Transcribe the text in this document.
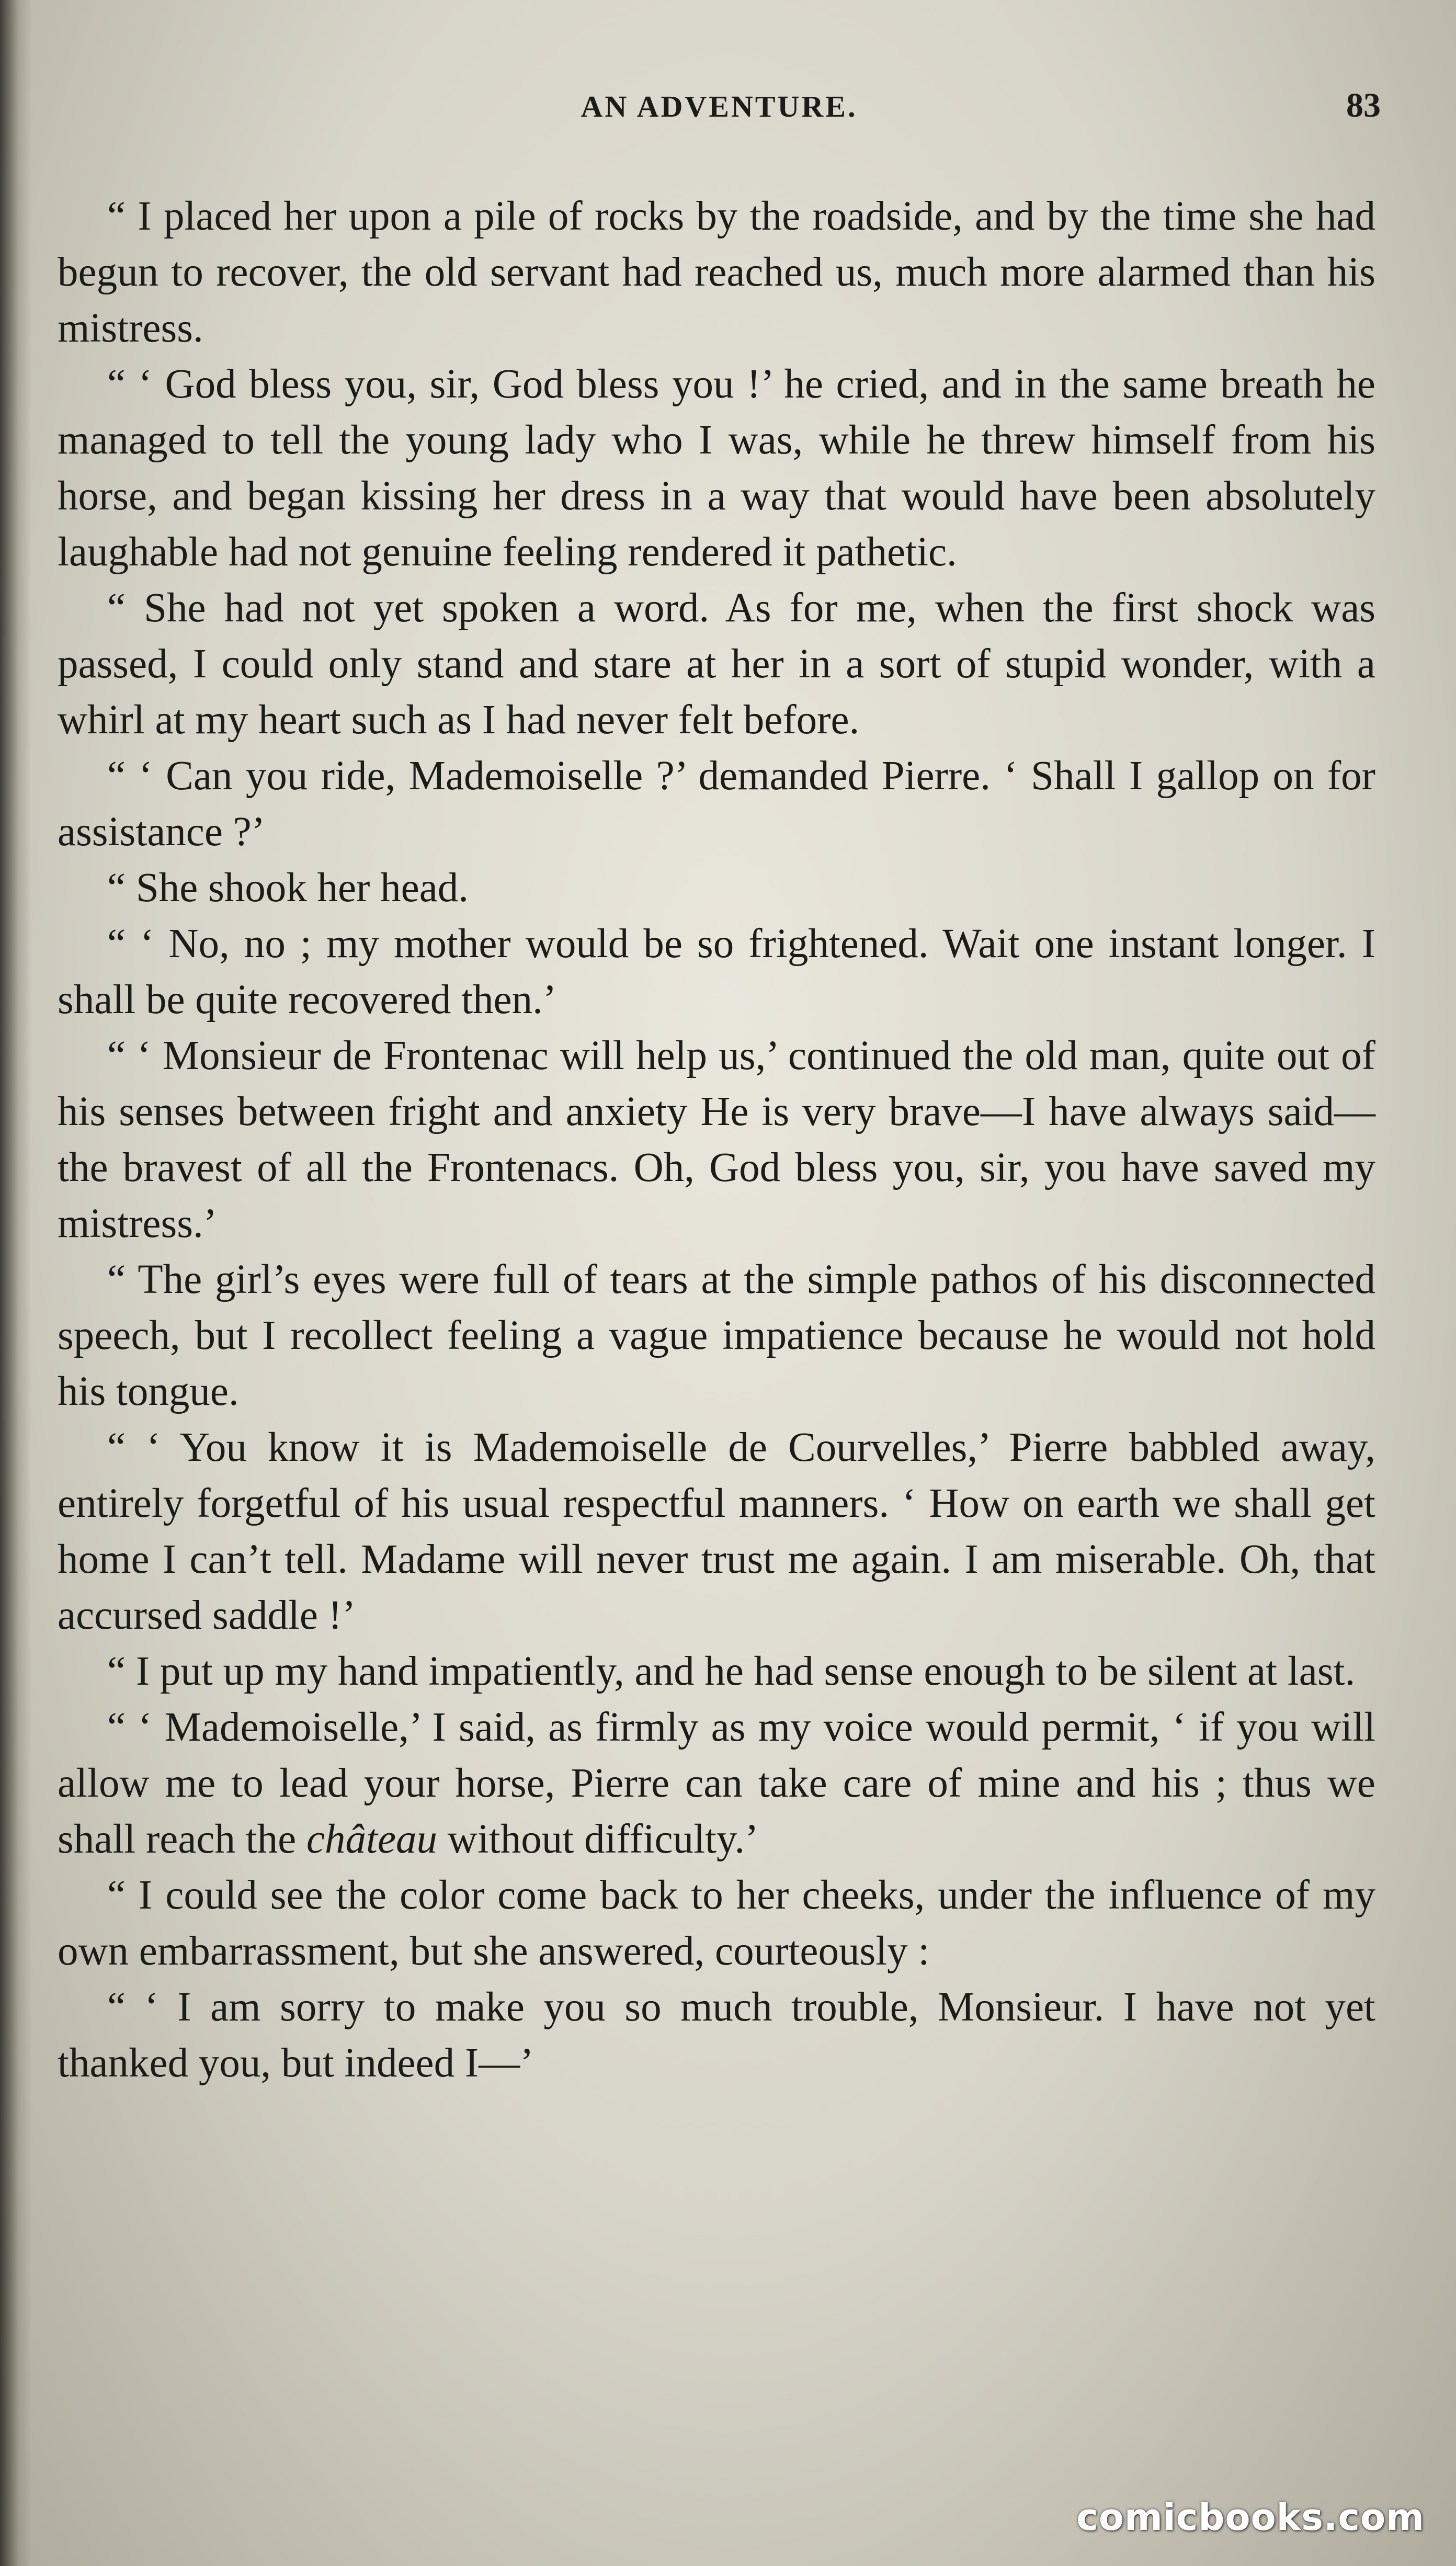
AN ADVENTURE.	83

“ I placed her upon a pile of rocks by the roadside, and by the time she had begun to recover, the old servant had reached us, much more alarmed than his mistress.

“ ‘ God bless you, sir, God bless you !’ he cried, and in the same breath he managed to tell the young lady who I was, while he threw himself from his horse, and began kissing her dress in a way that would have been absolutely laughable had not genuine feeling rendered it pathetic.

“ She had not yet spoken a word. As for me, when the first shock was passed, I could only stand and stare at her in a sort of stupid wonder, with a whirl at my heart such as I had never felt before.

“ ‘ Can you ride, Mademoiselle ?’ demanded Pierre. ‘ Shall I gallop on for assistance ?’

“ She shook her head.

“ ‘ No, no ; my mother would be so frightened. Wait one instant longer. I shall be quite recovered then.’

“ ‘ Monsieur de Frontenac will help us,’ continued the old man, quite out of his senses between fright and anxiety He is very brave—I have always said—the bravest of all the Frontenacs. Oh, God bless you, sir, you have saved my mistress.’

“ The girl’s eyes were full of tears at the simple pathos of his disconnected speech, but I recollect feeling a vague impatience because he would not hold his tongue.

“ ‘ You know it is Mademoiselle de Courvelles,’ Pierre babbled away, entirely forgetful of his usual respectful manners. ‘ How on earth we shall get home I can’t tell. Madame will never trust me again. I am miserable. Oh, that accursed saddle !’

“ I put up my hand impatiently, and he had sense enough to be silent at last.

“ ‘ Mademoiselle,’ I said, as firmly as my voice would permit, ‘ if you will allow me to lead your horse, Pierre can take care of mine and his ; thus we shall reach the château without difficulty.’

“ I could see the color come back to her cheeks, under the influence of my own embarrassment, but she answered, courteously :

“ ‘ I am sorry to make you so much trouble, Monsieur. I have not yet thanked you, but indeed I—’

comicbooks.com
